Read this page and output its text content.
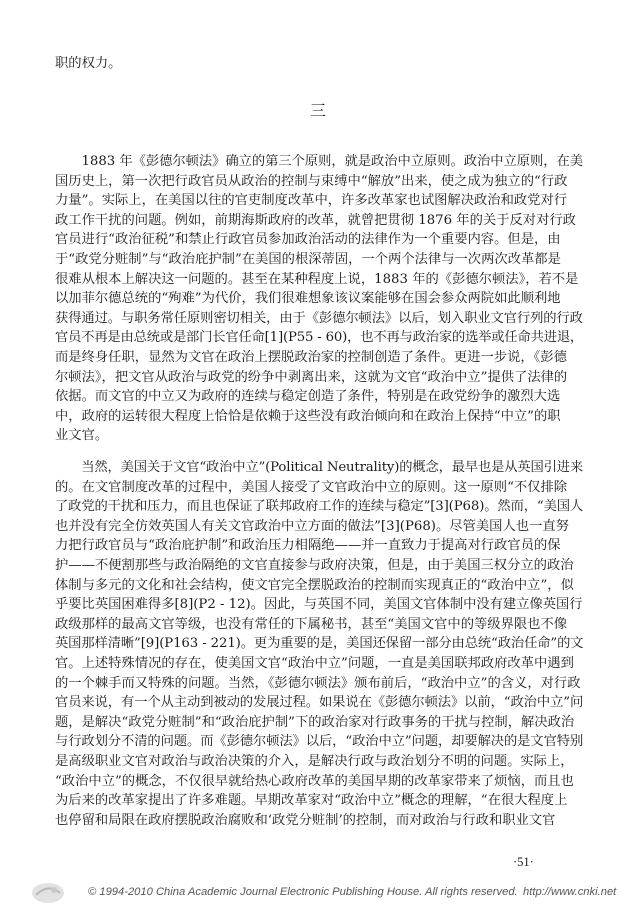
职的权力。
　　1883 年《彭德尔顿法》确立的第三个原则，就是政治中立原则。政治中立原则，在美
国历史上，第一次把行政官员从政治的控制与束缚中“解放”出来，使之成为独立的“行政
力量”。实际上，在美国以往的官吏制度改革中，许多改革家也试图解决政治和政党对行
政工作干扰的问题。例如，前期海斯政府的改革，就曾把贯彻 1876 年的关于反对对行政
官员进行“政治征税”和禁止行政官员参加政治活动的法律作为一个重要内容。但是，由
于“政党分赃制”与“政治庇护制”在美国的根深蒂固，一个两个法律与一次两次改革都是
很难从根本上解决这一问题的。甚至在某种程度上说，1883 年的《彭德尔顿法》，若不是
以加菲尔德总统的“殉难”为代价，我们很难想象该议案能够在国会参众两院如此顺利地
获得通过。与职务常任原则密切相关，由于《彭德尔顿法》以后，划入职业文官行列的行政
官员不再是由总统或是部门长官任命[1](P55 - 60)，也不再与政治家的选举或任命共进退，
而是终身任职，显然为文官在政治上摆脱政治家的控制创造了条件。更进一步说，《彭德
尔顿法》，把文官从政治与政党的纷争中剥离出来，这就为文官“政治中立”提供了法律的
依据。而文官的中立又为政府的连续与稳定创造了条件，特别是在政党纷争的激烈大选
中，政府的运转很大程度上恰恰是依赖于这些没有政治倾向和在政治上保持“中立”的职
业文官。
　　当然，美国关于文官“政治中立”(Political Neutrality)的概念，最早也是从英国引进来
的。在文官制度改革的过程中，美国人接受了文官政治中立的原则。这一原则“不仅排除
了政党的干扰和压力，而且也保证了联邦政府工作的连续与稳定”[3](P68)。然而，“美国人
也并没有完全仿效英国人有关文官政治中立方面的做法”[3](P68)。尽管美国人也一直努
力把行政官员与“政治庇护制”和政治压力相隔绝——并一直致力于提高对行政官员的保
护——不便割那些与政治隔绝的文官直接参与政府决策，但是，由于美国三权分立的政治
体制与多元的文化和社会结构，使文官完全摆脱政治的控制而实现真正的“政治中立”，似
乎要比英国困难得多[8](P2 - 12)。因此，与英国不同，美国文官体制中没有建立像英国行
政级那样的最高文官等级，也没有常任的下属秘书，甚至“美国文官中的等级界限也不像
英国那样清晰”[9](P163 - 221)。更为重要的是，美国还保留一部分由总统“政治任命”的文
官。上述特殊情况的存在，使美国文官“政治中立”问题，一直是美国联邦政府改革中遇到
的一个棘手而又特殊的问题。当然，《彭德尔顿法》颁布前后，“政治中立”的含义，对行政
官员来说，有一个从主动到被动的发展过程。如果说在《彭德尔顿法》以前，“政治中立”问
题，是解决“政党分赃制”和“政治庇护制”下的政治家对行政事务的干扰与控制，解决政治
与行政划分不清的问题。而《彭德尔顿法》以后，“政治中立”问题，却要解决的是文官特别
是高级职业文官对政治与政治决策的介入，是解决行政与政治划分不明的问题。实际上，
“政治中立”的概念，不仅很早就给热心政府改革的美国早期的改革家带来了烦恼，而且也
为后来的改革家提出了许多难题。早期改革家对“政治中立”概念的理解，“在很大程度上
也停留和局限在政府摆脱政治腐败和‘政党分赃制’的控制，而对政治与行政和职业文官
三
·51·
© 1994-2010 China Academic Journal Electronic Publishing House. All rights reserved. http://www.cnki.net
